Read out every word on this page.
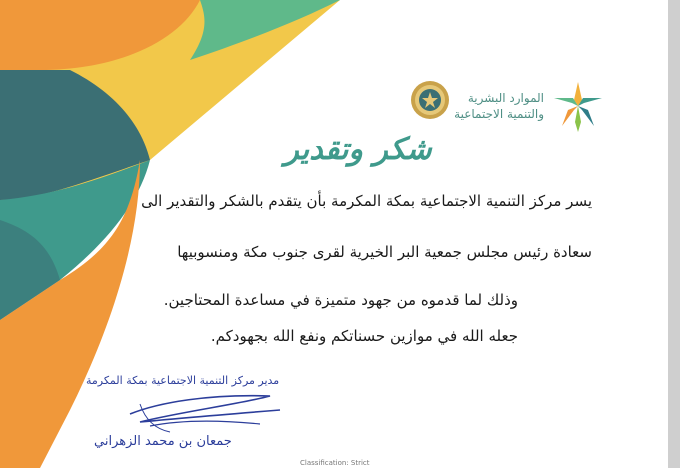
الموارد البشرية
والتنمية الاجتماعية
شكر وتقدير
يسر مركز التنمية الاجتماعية بمكة المكرمة بأن يتقدم بالشكر والتقدير الى
سعادة رئيس مجلس جمعية البر الخيرية لقرى جنوب مكة ومنسوبيها
وذلك لما قدموه من جهود متميزة في مساعدة المحتاجين.
جعله الله في موازين حسناتكم ونفع الله بجهودكم.
مدير مركز التنمية الاجتماعية بمكة المكرمة
جمعان بن محمد الزهراني
Classification: Strict
